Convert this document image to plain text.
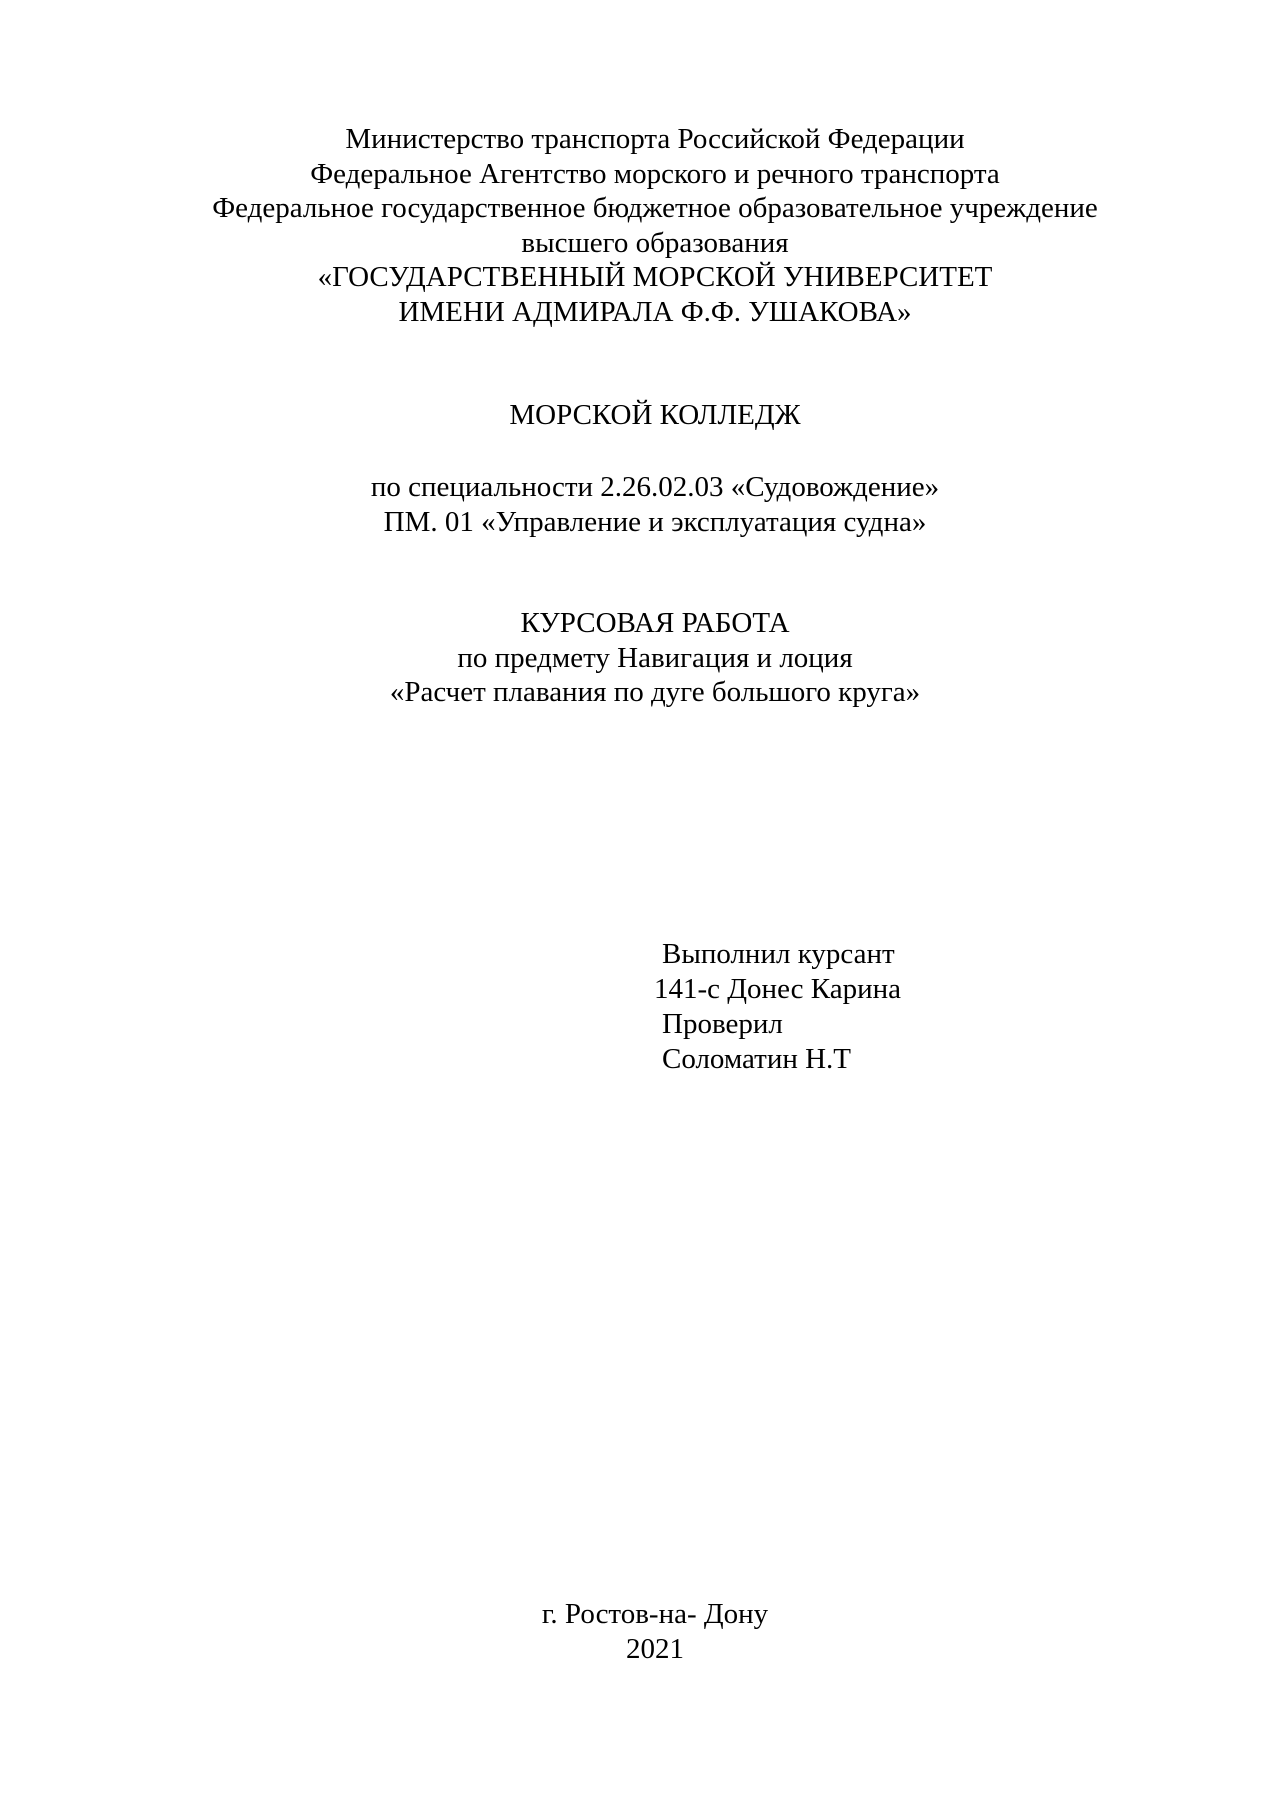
Министерство транспорта Российской Федерации
Федеральное Агентство морского и речного транспорта
Федеральное государственное бюджетное образовательное учреждение
высшего образования
«ГОСУДАРСТВЕННЫЙ МОРСКОЙ УНИВЕРСИТЕТ
ИМЕНИ АДМИРАЛА Ф.Ф. УШАКОВА»
МОРСКОЙ КОЛЛЕДЖ
по специальности 2.26.02.03 «Судовождение»
ПМ. 01 «Управление и эксплуатация судна»
КУРСОВАЯ РАБОТА
по предмету Навигация и лоция
«Расчет плавания по дуге большого круга»
Выполнил курсант
141-с Донес Карина
Проверил
Соломатин Н.Т
г. Ростов-на- Дону
2021
